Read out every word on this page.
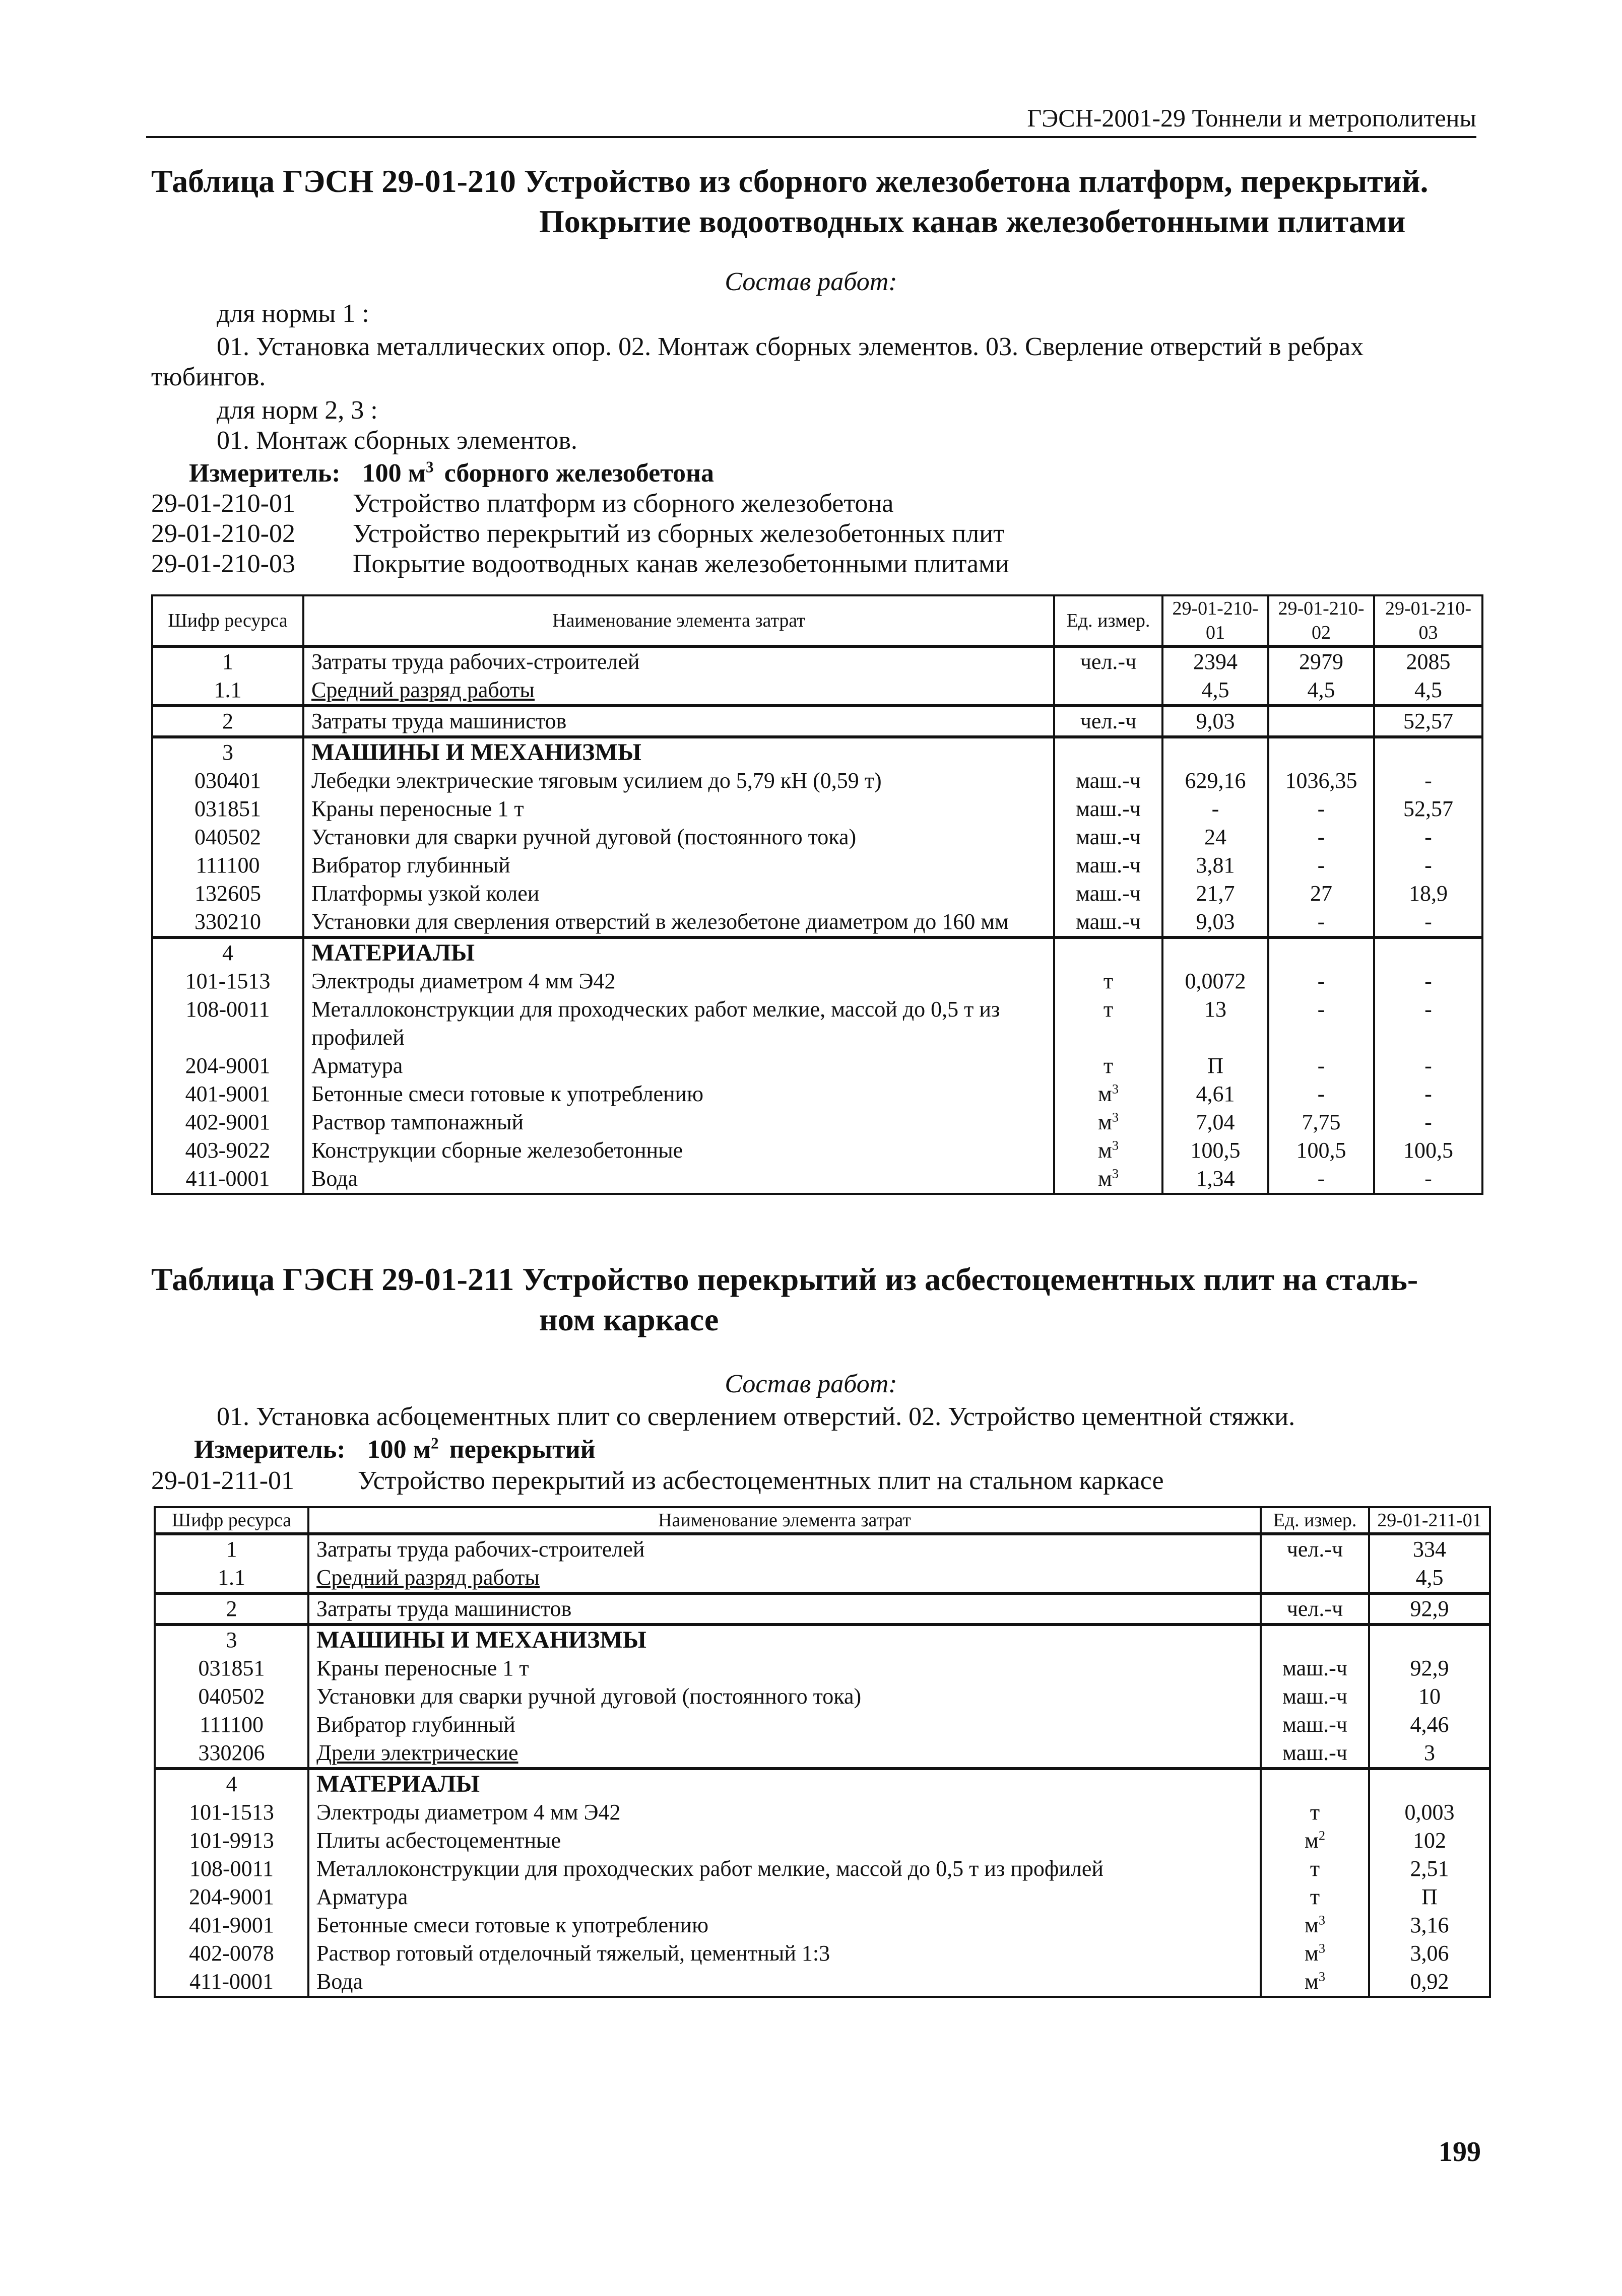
ГЭСН-2001-29 Тоннели и метрополитены
Таблица ГЭСН 29-01-210 Устройство из сборного железобетона платформ, перекрытий.
Покрытие водоотводных канав железобетонными плитами
Состав работ:
для нормы 1 :
01. Установка металлических опор. 02. Монтаж сборных элементов. 03. Сверление отверстий в ребрах
тюбингов.
для норм 2, 3 :
01. Монтаж сборных элементов.
Измеритель: 100 $м^3$ сборного железобетона
29-01-210-01 Устройство платформ из сборного железобетона
29-01-210-02 Устройство перекрытий из сборных железобетонных плит
29-01-210-03 Покрытие водоотводных канав железобетонными плитами
Шифр ресурса	Наименование элемента затрат	Ед. измер.	29-01-210-01	29-01-210-02	29-01-210-03
1	Затраты труда рабочих-строителей	чел.-ч	2394	2979	2085
1.1	Средний разряд работы		4,5	4,5	4,5
2	Затраты труда машинистов	чел.-ч	9,03		52,57
3	МАШИНЫ И МЕХАНИЗМЫ				
030401	Лебедки электрические тяговым усилием до 5,79 кН (0,59 т)	маш.-ч	629,16	1036,35	-
031851	Краны переносные 1 т	маш.-ч	-	-	52,57
040502	Установки для сварки ручной дуговой (постоянного тока)	маш.-ч	24	-	-
111100	Вибратор глубинный	маш.-ч	3,81	-	-
132605	Платформы узкой колеи	маш.-ч	21,7	27	18,9
330210	Установки для сверления отверстий в железобетоне диаметром до 160 мм	маш.-ч	9,03	-	-
4	МАТЕРИАЛЫ				
101-1513	Электроды диаметром 4 мм Э42	т	0,0072	-	-
108-0011	Металлоконструкции для проходческих работ мелкие, массой до 0,5 т из профилей	т	13	-	-
204-9001	Арматура	т	П	-	-
401-9001	Бетонные смеси готовые к употреблению	$м^3$	4,61	-	-
402-9001	Раствор тампонажный	$м^3$	7,04	7,75	-
403-9022	Конструкции сборные железобетонные	$м^3$	100,5	100,5	100,5
411-0001	Вода	$м^3$	1,34	-	-
Таблица ГЭСН 29-01-211 Устройство перекрытий из асбестоцементных плит на сталь-
ном каркасе
Состав работ:
01. Установка асбоцементных плит со сверлением отверстий. 02. Устройство цементной стяжки.
Измеритель: 100 $м^2$ перекрытий
29-01-211-01 Устройство перекрытий из асбестоцементных плит на стальном каркасе
Шифр ресурса	Наименование элемента затрат	Ед. измер.	29-01-211-01
1	Затраты труда рабочих-строителей	чел.-ч	334
1.1	Средний разряд работы		4,5
2	Затраты труда машинистов	чел.-ч	92,9
3	МАШИНЫ И МЕХАНИЗМЫ		
031851	Краны переносные 1 т	маш.-ч	92,9
040502	Установки для сварки ручной дуговой (постоянного тока)	маш.-ч	10
111100	Вибратор глубинный	маш.-ч	4,46
330206	Дрели электрические	маш.-ч	3
4	МАТЕРИАЛЫ		
101-1513	Электроды диаметром 4 мм Э42	т	0,003
101-9913	Плиты асбестоцементные	$м^2$	102
108-0011	Металлоконструкции для проходческих работ мелкие, массой до 0,5 т из профилей	т	2,51
204-9001	Арматура	т	П
401-9001	Бетонные смеси готовые к употреблению	$м^3$	3,16
402-0078	Раствор готовый отделочный тяжелый, цементный 1:3	$м^3$	3,06
411-0001	Вода	$м^3$	0,92
199
